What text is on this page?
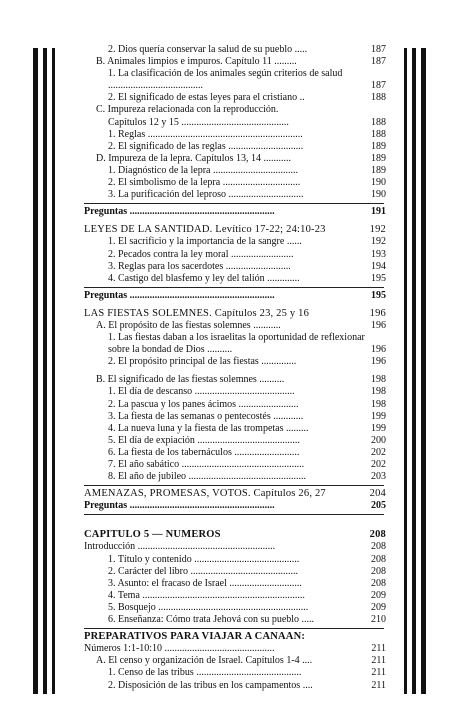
2. Dios quería conservar la salud de su pueblo .....	187
B. Animales limpios e impuros. Capítulo 11 .........	187
1. La clasificación de los animales según criterios de salud ......................................	187
2. El significado de estas leyes para el cristiano ..	188
C. Impureza relacionada con la reproducción.
Capítulos 12 y 15 ...........................................	188
1. Reglas ..............................................................	188
2. El significado de las reglas ..............................	189
D. Impureza de la lepra. Capítulos 13, 14 ...........	189
1. Diagnóstico de la lepra ..................................	189
2. El simbolismo de la lepra ...............................	190
3. La purificación del leproso ..............................	190
Preguntas ..........................................................	191
LEYES DE LA SANTIDAD. Levítico 17-22; 24:10-23	192
1. El sacrificio y la importancia de la sangre ......	192
2. Pecados contra la ley moral .........................	193
3. Reglas para los sacerdotes ..........................	194
4. Castigo del blasfemo y ley del talión .............	195
Preguntas ..........................................................	195
LAS FIESTAS SOLEMNES. Capítulos 23, 25 y 16	196
A. El propósito de las fiestas solemnes ...........	196
1. Las fiestas daban a los israelitas la oportunidad de reflexionar sobre la bondad de Dios ..........	196
2. El propósito principal de las fiestas ..............	196
B. El significado de las fiestas solemnes ..........	198
1. El día de descanso ........................................	198
2. La pascua y los panes ácimos ........................	198
3. La fiesta de las semanas o pentecostés ............	199
4. La nueva luna y la fiesta de las trompetas .........	199
5. El día de expiación .........................................	200
6. La fiesta de los tabernáculos ..........................	202
7. El año sabático .................................................	202
8. El año de jubileo ...............................................	203
AMENAZAS, PROMESAS, VOTOS. Capítulos 26, 27	204
Preguntas ..........................................................	205
CAPITULO 5 — NUMEROS	208
Introducción .......................................................	208
1. Título y contenido ..........................................	208
2. Carácter del libro ...........................................	208
3. Asunto: el fracaso de Israel .............................	208
4. Tema .................................................................	209
5. Bosquejo ............................................................	209
6. Enseñanza: Cómo trata Jehová con su pueblo .....	210
PREPARATIVOS PARA VIAJAR A CANAAN:
Números 1:1-10:10 ............................................	211
A. El censo y organización de Israel. Capítulos 1-4 ....	211
1. Censo de las tribus ..........................................	211
2. Disposición de las tribus en los campamentos ....	211
